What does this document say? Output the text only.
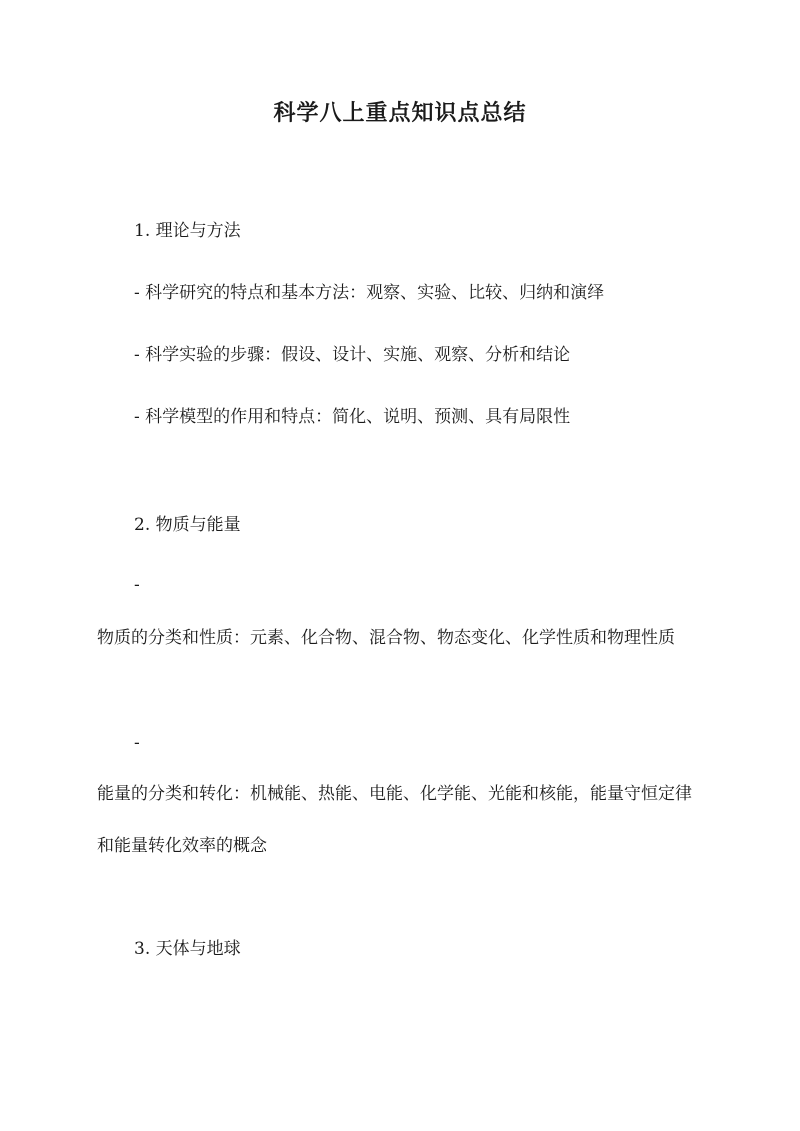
科学八上重点知识点总结
1. 理论与方法
- 科学研究的特点和基本方法：观察、实验、比较、归纳和演绎
- 科学实验的步骤：假设、设计、实施、观察、分析和结论
- 科学模型的作用和特点：简化、说明、预测、具有局限性
2. 物质与能量
-
物质的分类和性质：元素、化合物、混合物、物态变化、化学性质和物理性质
-
能量的分类和转化：机械能、热能、电能、化学能、光能和核能，能量守恒定律和能量转化效率的概念
3. 天体与地球
